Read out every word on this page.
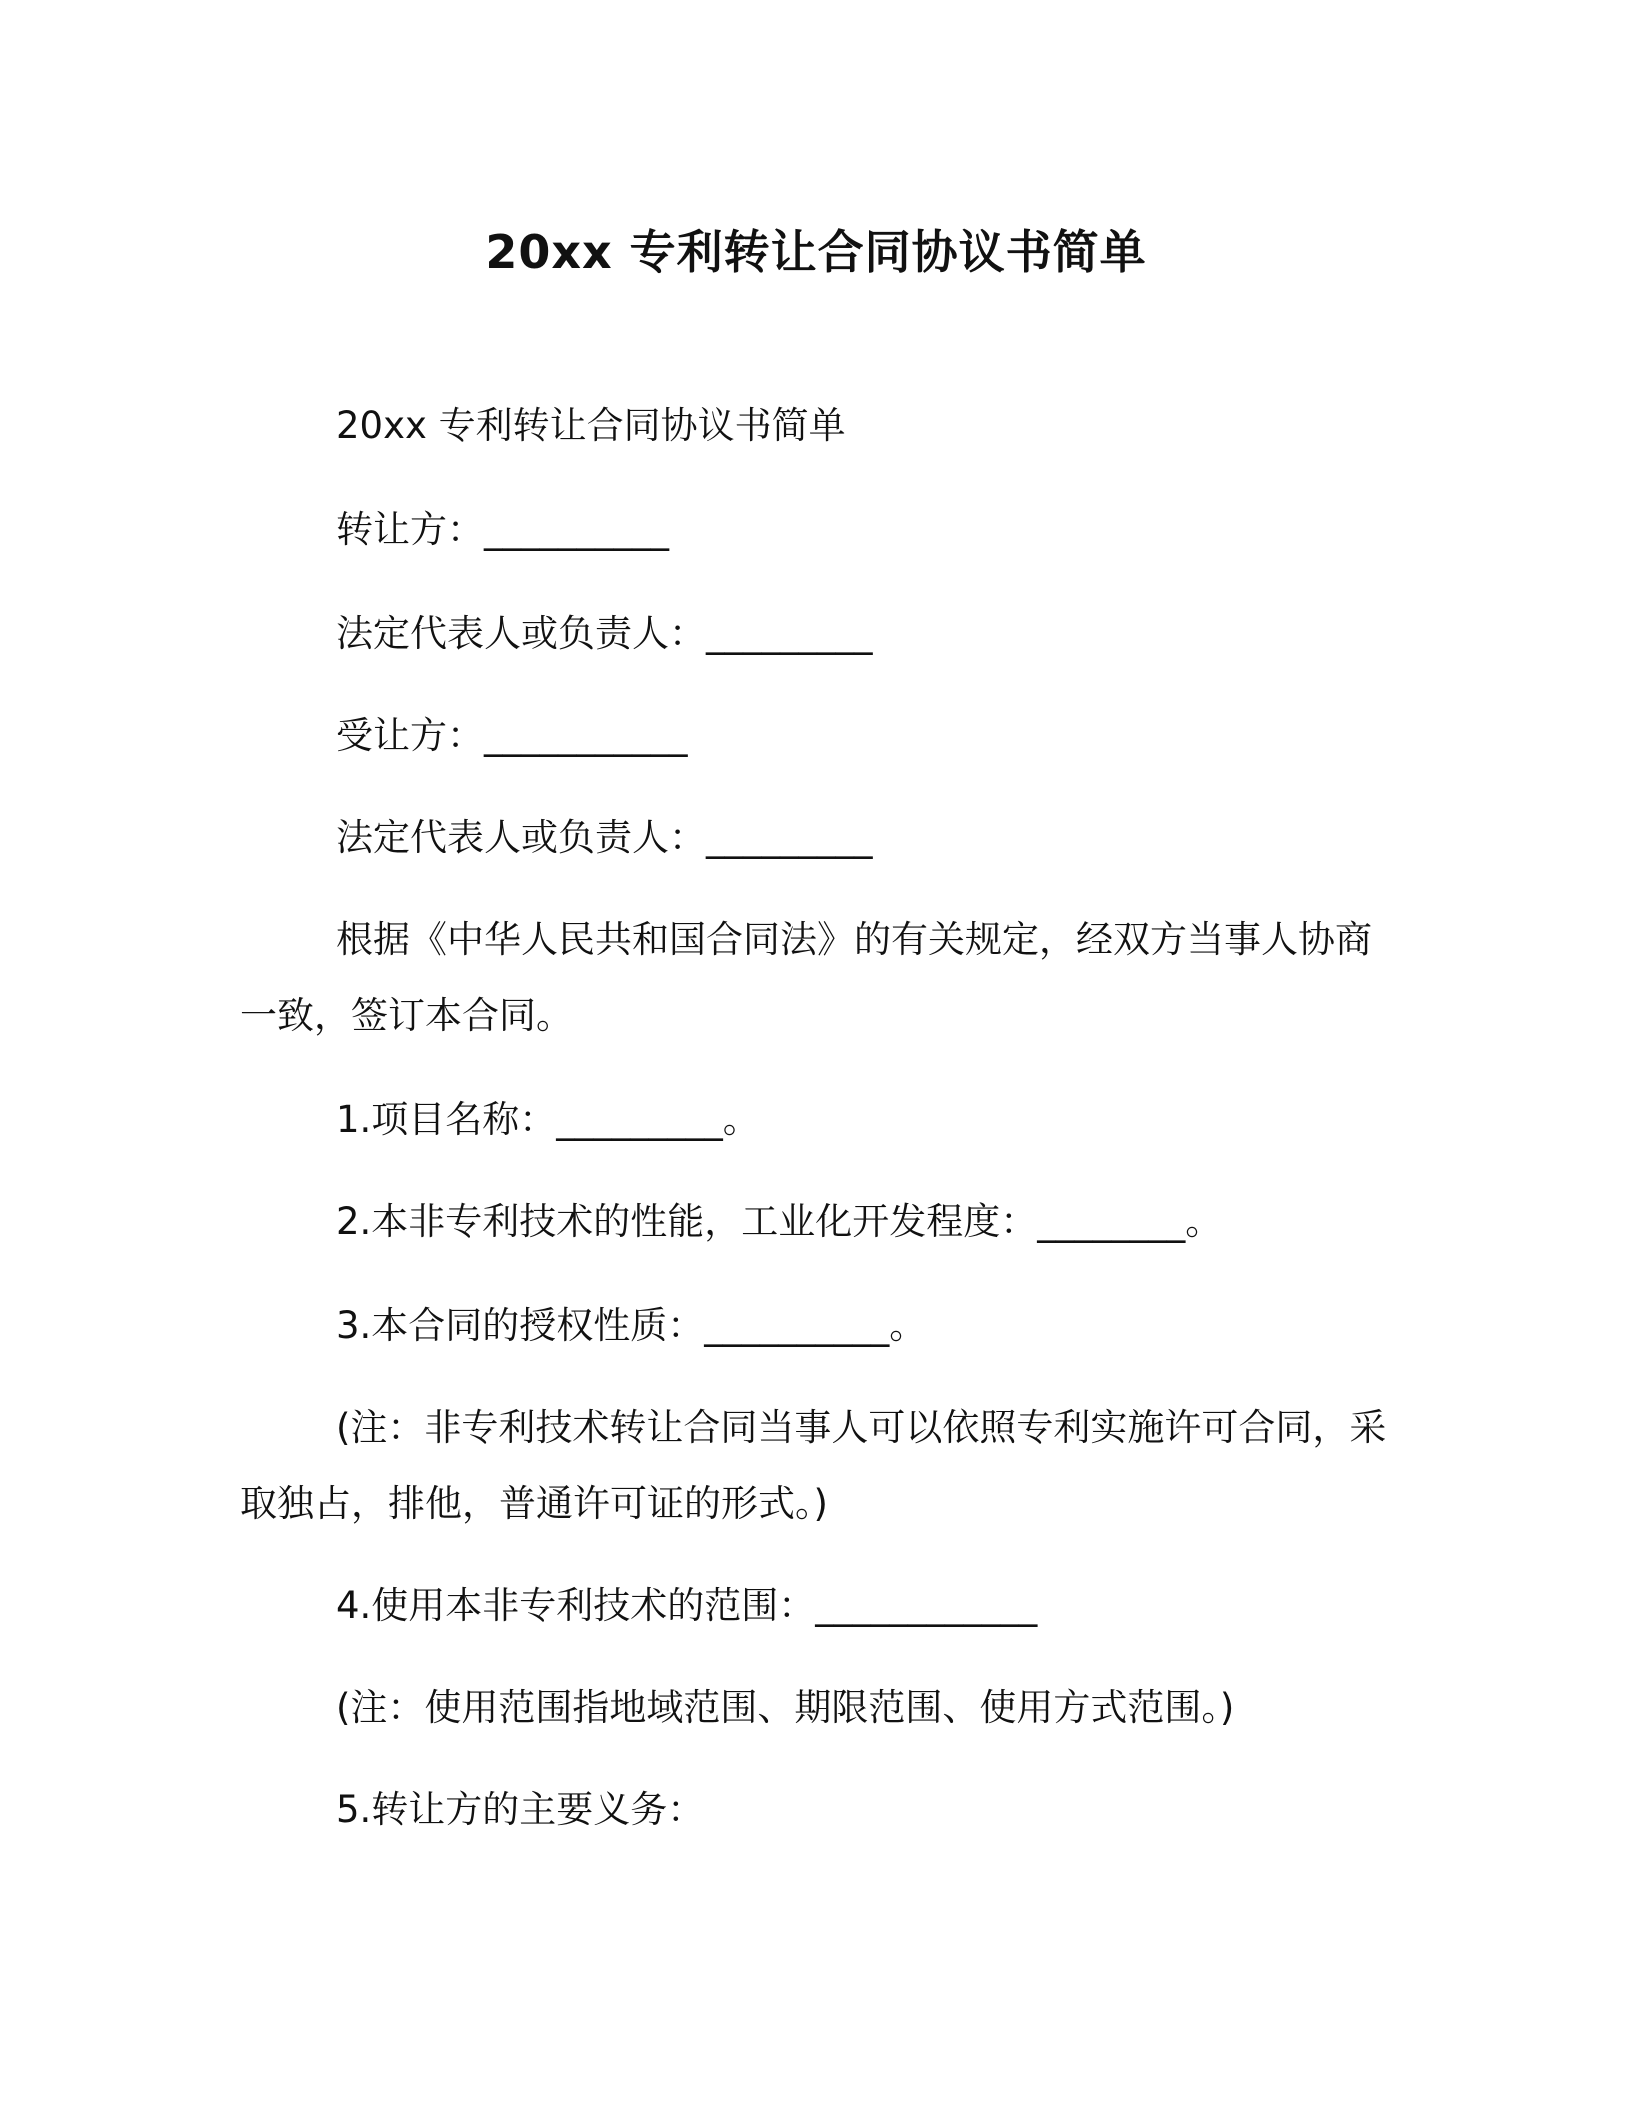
20xx 专利转让合同协议书简单
20xx 专利转让合同协议书简单
转让方：__________
法定代表人或负责人：_________
受让方：___________
法定代表人或负责人：_________
根据《中华人民共和国合同法》的有关规定，经双方当事人协商一致，签订本合同。
1.项目名称：_________。
2.本非专利技术的性能，工业化开发程度：________。
3.本合同的授权性质：__________。
(注：非专利技术转让合同当事人可以依照专利实施许可合同，采取独占，排他，普通许可证的形式。)
4.使用本非专利技术的范围：____________
(注：使用范围指地域范围、期限范围、使用方式范围。)
5.转让方的主要义务：
